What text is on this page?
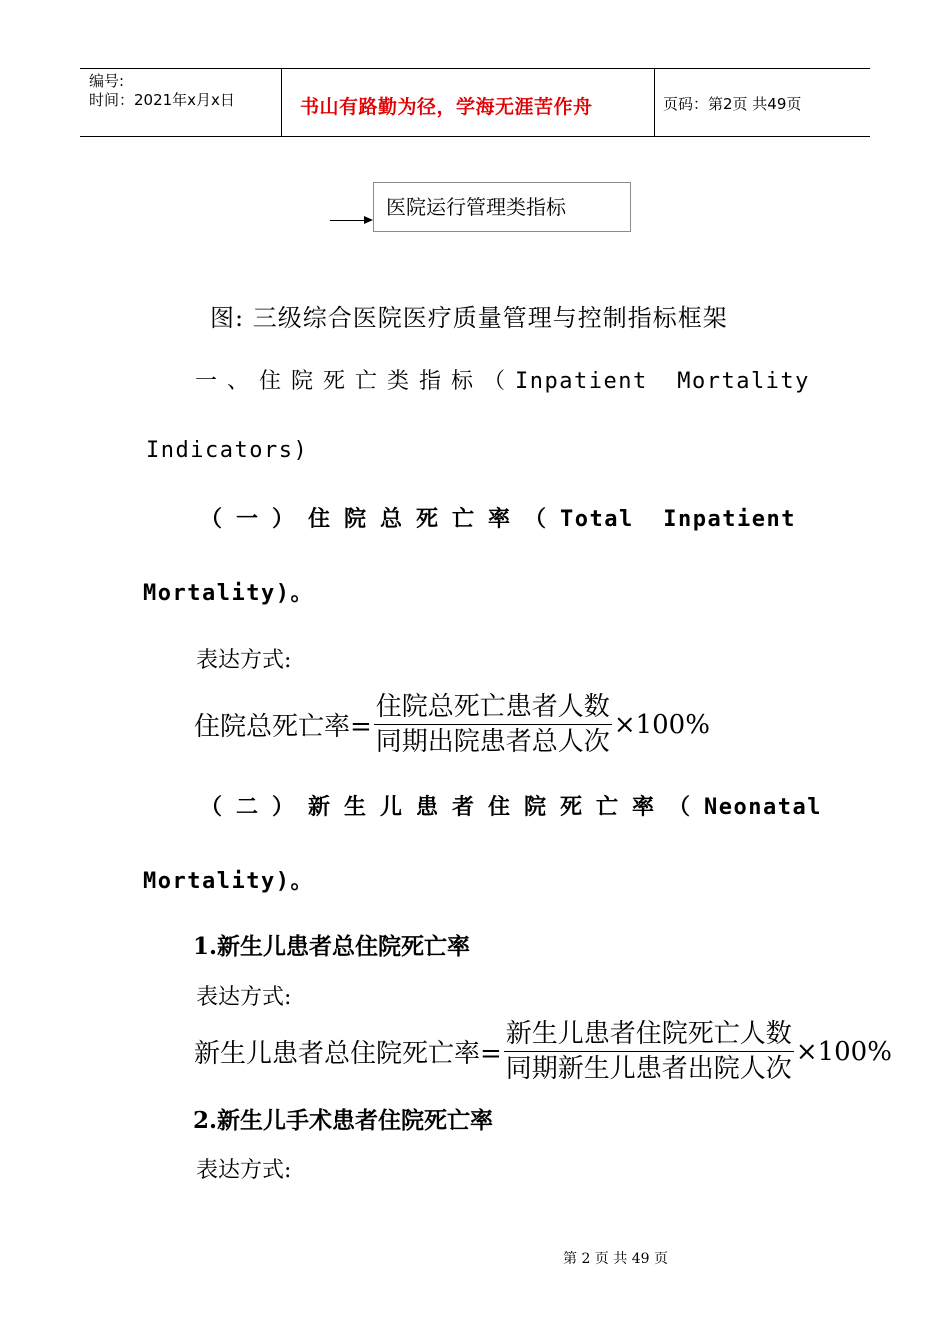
编号:
时间：2021年x月x日	书山有路勤为径，学海无涯苦作舟	页码：第2页 共49页
医院运行管理类指标
图: 三级综合医院医疗质量管理与控制指标框架
一、住院死亡类指标（Inpatient  Mortality
Indicators)
（一）住院总死亡率（Total  Inpatient
Mortality)。
表达方式:
住院总死亡率= $\frac{\text{住院总死亡患者人数}}{\text{同期出院患者总人次}} \times 100\%$
（二）新生儿患者住院死亡率（Neonatal
Mortality)。
1.新生儿患者总住院死亡率
表达方式:
新生儿患者总住院死亡率= $\frac{\text{新生儿患者住院死亡人数}}{\text{同期新生儿患者出院人次}} \times 100\%$
2.新生儿手术患者住院死亡率
表达方式:
第 2 页 共 49 页
